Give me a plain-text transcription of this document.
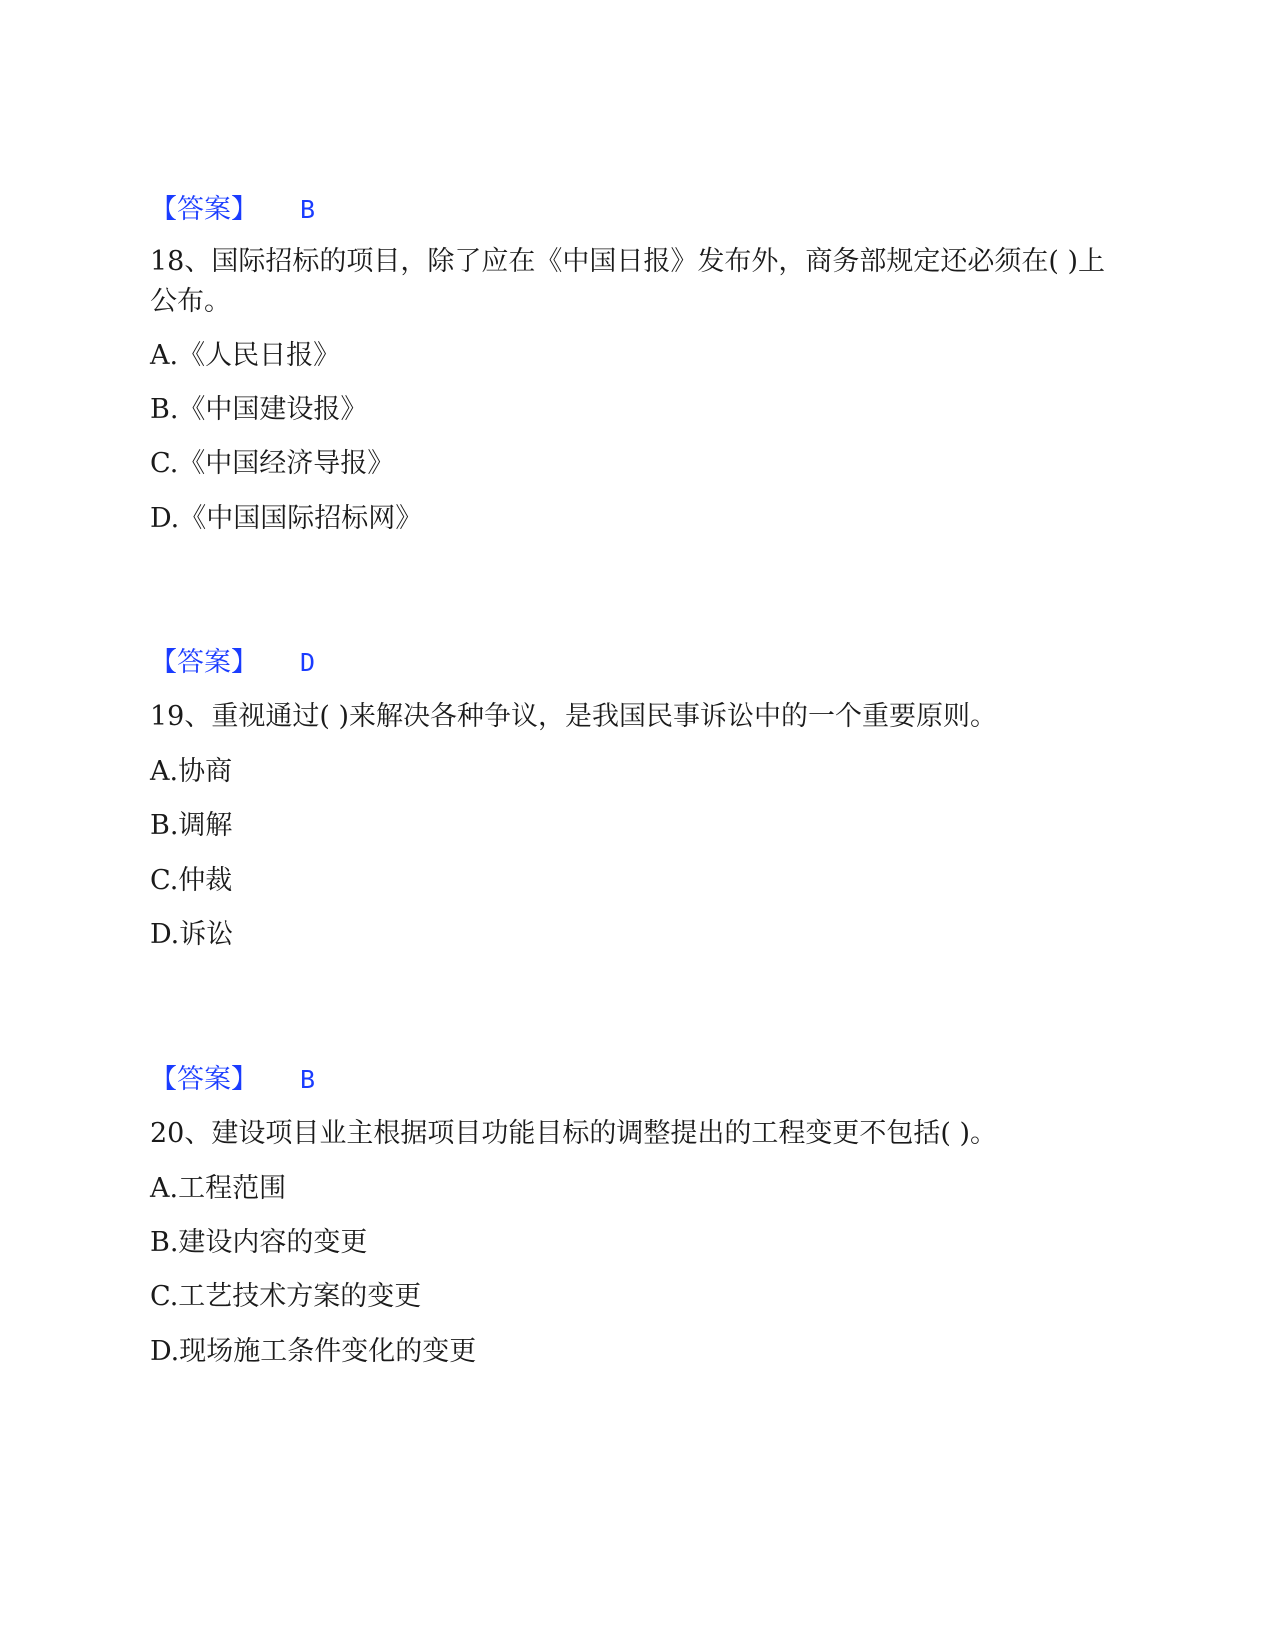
【答案】 B
18、国际招标的项目，除了应在《中国日报》发布外，商务部规定还必须在( )上公布。
A.《人民日报》
B.《中国建设报》
C.《中国经济导报》
D.《中国国际招标网》
【答案】 D
19、重视通过( )来解决各种争议，是我国民事诉讼中的一个重要原则。
A.协商
B.调解
C.仲裁
D.诉讼
【答案】 B
20、建设项目业主根据项目功能目标的调整提出的工程变更不包括( )。
A.工程范围
B.建设内容的变更
C.工艺技术方案的变更
D.现场施工条件变化的变更
